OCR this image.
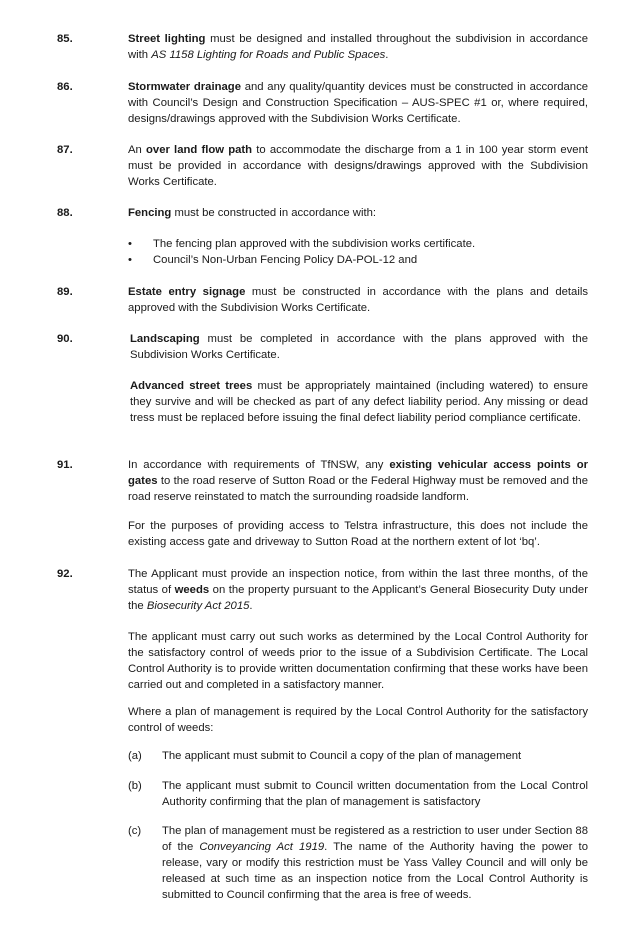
85.	Street lighting must be designed and installed throughout the subdivision in accordance with AS 1158 Lighting for Roads and Public Spaces.
86.	Stormwater drainage and any quality/quantity devices must be constructed in accordance with Council’s Design and Construction Specification – AUS-SPEC #1 or, where required, designs/drawings approved with the Subdivision Works Certificate.
87.	An over land flow path to accommodate the discharge from a 1 in 100 year storm event must be provided in accordance with designs/drawings approved with the Subdivision Works Certificate.
88.	Fencing must be constructed in accordance with:
• The fencing plan approved with the subdivision works certificate.
• Council’s Non-Urban Fencing Policy DA-POL-12 and
89.	Estate entry signage must be constructed in accordance with the plans and details approved with the Subdivision Works Certificate.
90.	Landscaping must be completed in accordance with the plans approved with the Subdivision Works Certificate.
Advanced street trees must be appropriately maintained (including watered) to ensure they survive and will be checked as part of any defect liability period. Any missing or dead tress must be replaced before issuing the final defect liability period compliance certificate.
91.	In accordance with requirements of TfNSW, any existing vehicular access points or gates to the road reserve of Sutton Road or the Federal Highway must be removed and the road reserve reinstated to match the surrounding roadside landform.
For the purposes of providing access to Telstra infrastructure, this does not include the existing access gate and driveway to Sutton Road at the northern extent of lot ‘bq’.
92.	The Applicant must provide an inspection notice, from within the last three months, of the status of weeds on the property pursuant to the Applicant’s General Biosecurity Duty under the Biosecurity Act 2015.
The applicant must carry out such works as determined by the Local Control Authority for the satisfactory control of weeds prior to the issue of a Subdivision Certificate. The Local Control Authority is to provide written documentation confirming that these works have been carried out and completed in a satisfactory manner.
Where a plan of management is required by the Local Control Authority for the satisfactory control of weeds:
(a) The applicant must submit to Council a copy of the plan of management
(b) The applicant must submit to Council written documentation from the Local Control Authority confirming that the plan of management is satisfactory
(c) The plan of management must be registered as a restriction to user under Section 88 of the Conveyancing Act 1919. The name of the Authority having the power to release, vary or modify this restriction must be Yass Valley Council and will only be released at such time as an inspection notice from the Local Control Authority is submitted to Council confirming that the area is free of weeds.
